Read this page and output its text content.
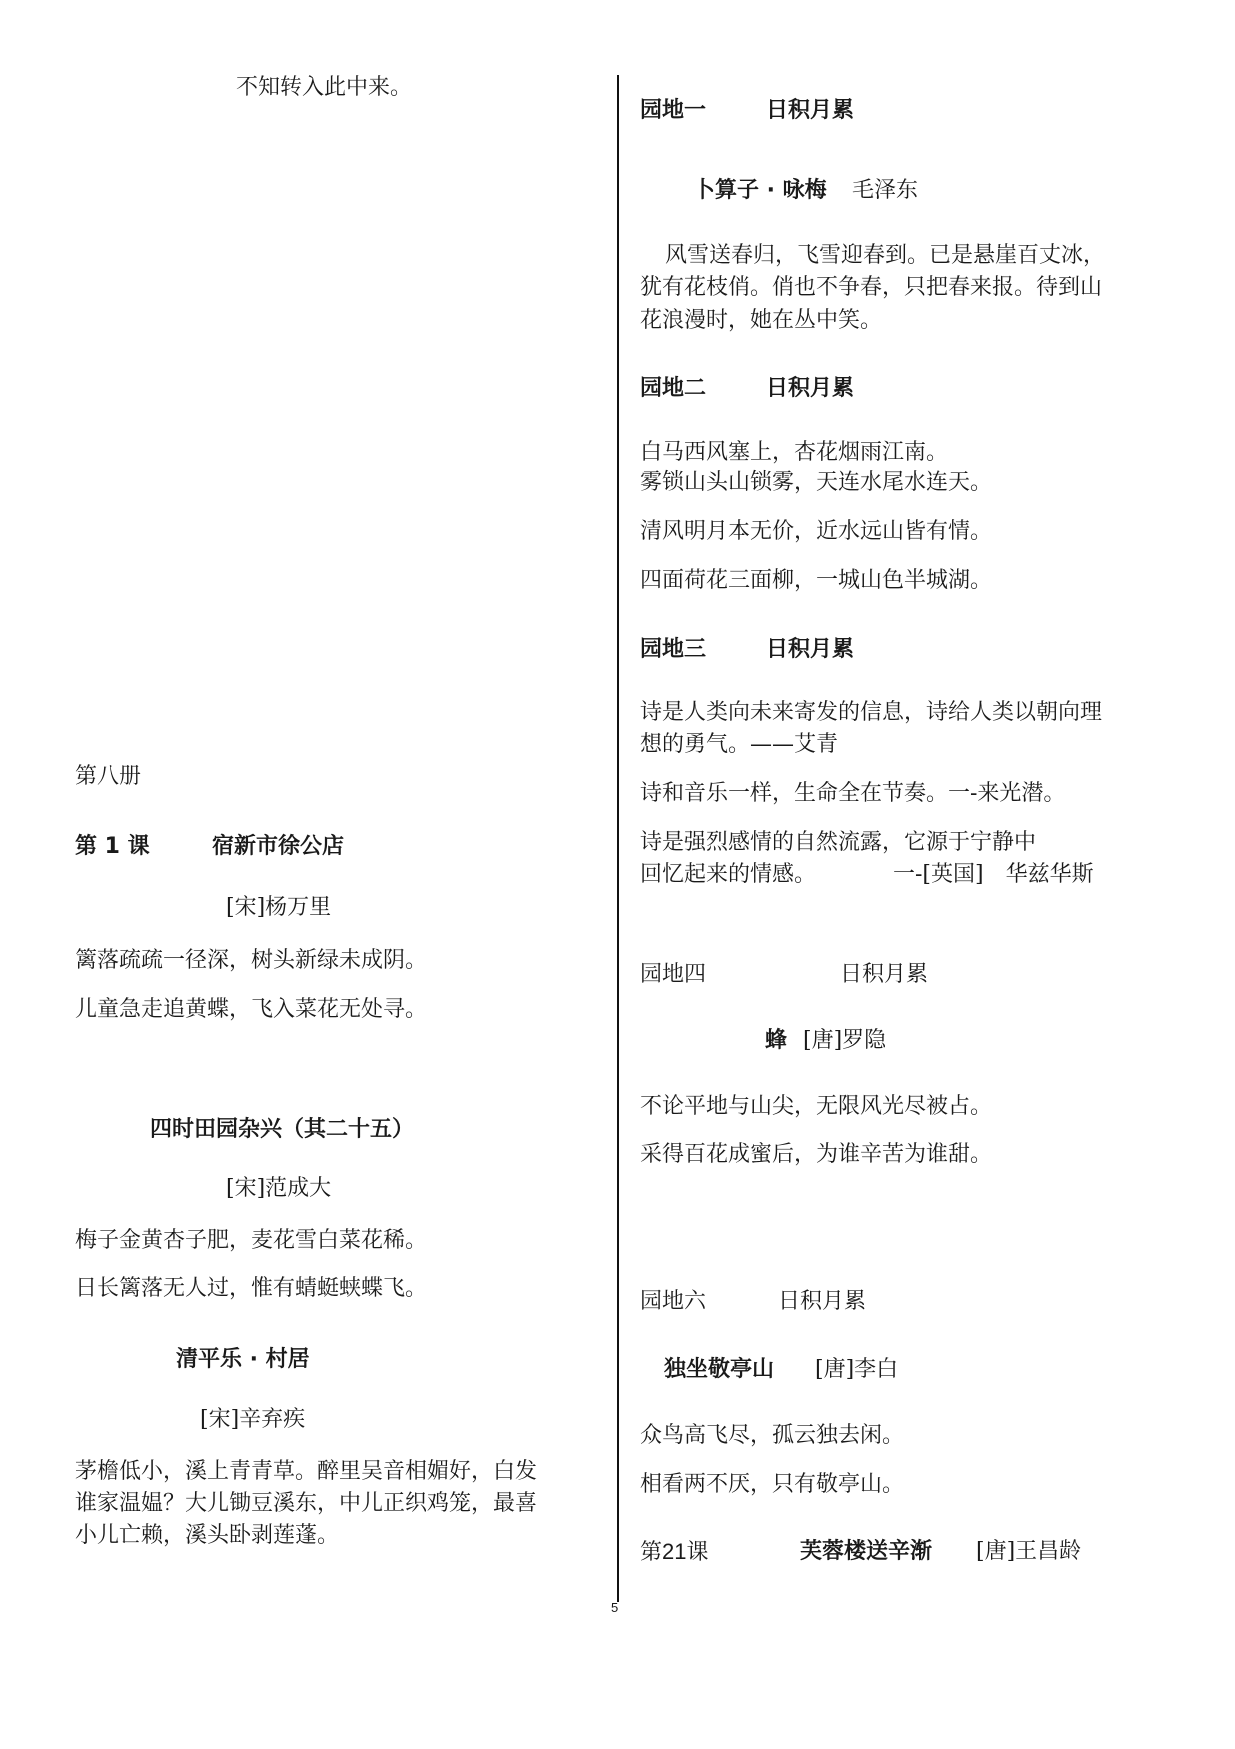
不知转入此中来。
第八册
第 1 课	宿新市徐公店
[宋]杨万里
篱落疏疏一径深，树头新绿未成阴。
儿童急走追黄蝶，飞入菜花无处寻。
四时田园杂兴（其二十五）
[宋]范成大
梅子金黄杏子肥，麦花雪白菜花稀。
日长篱落无人过，惟有蜻蜓蛱蝶飞。
清平乐 · 村居
[宋]辛弃疾
茅檐低小，溪上青青草。醉里吴音相媚好，白发
谁家温媪？大儿锄豆溪东，中儿正织鸡笼，最喜
小儿亡赖，溪头卧剥莲蓬。
园地一	日积月累
卜算子 · 咏梅 毛泽东
风雪送春归，飞雪迎春到。已是悬崖百丈冰，
犹有花枝俏。俏也不争春，只把春来报。待到山
花浪漫时，她在丛中笑。
园地二	日积月累
白马西风塞上，杏花烟雨江南。
雾锁山头山锁雾，天连水尾水连天。
清风明月本无价，近水远山皆有情。
四面荷花三面柳，一城山色半城湖。
园地三	日积月累
诗是人类向未来寄发的信息，诗给人类以朝向理
想的勇气。——艾青
诗和音乐一样，生命全在节奏。一-来光潜。
诗是强烈感情的自然流露，它源于宁静中
回忆起来的情感。	一-[英国]　华兹华斯
园地四	日积月累
蜂 [唐]罗隐
不论平地与山尖，无限风光尽被占。
采得百花成蜜后，为谁辛苦为谁甜。
园地六	日积月累
独坐敬亭山 [唐]李白
众鸟高飞尽，孤云独去闲。
相看两不厌，只有敬亭山。
第21课	芙蓉楼送辛渐 [唐]王昌龄
5
